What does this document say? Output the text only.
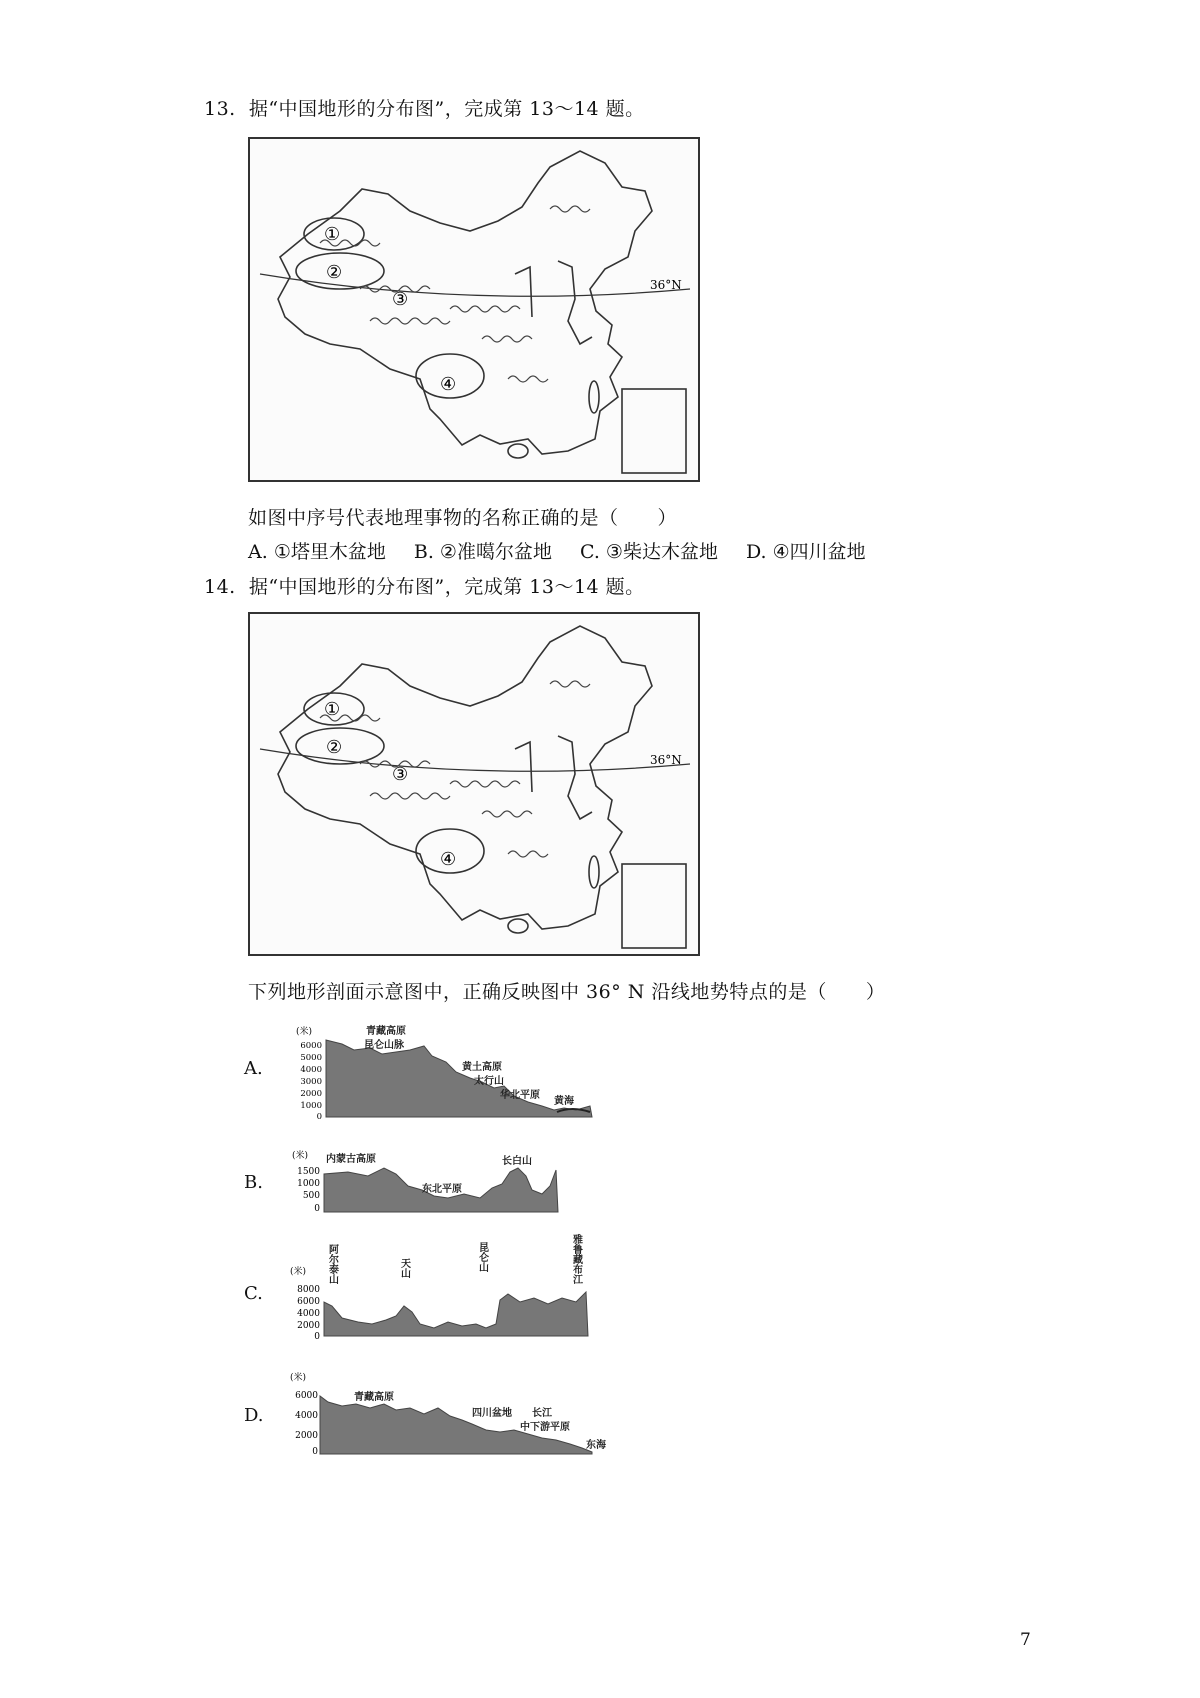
13. 据“中国地形的分布图”，完成第 13～14 题。
①
②
③
④
36°N
如图中序号代表地理事物的名称正确的是（　　）
A. ①塔里木盆地 B. ②准噶尔盆地 C. ③柴达木盆地 D. ④四川盆地
14. 据“中国地形的分布图”，完成第 13～14 题。
①
②
③
④
36°N
下列地形剖面示意图中，正确反映图中 36° N 沿线地势特点的是（　　）
A.
(米)
6000
5000
4000
3000
2000
1000
0
青藏高原
昆仑山脉
黄土高原
太行山
华北平原
黄海
B.
(米)
1500
1000
500
0
内蒙古高原
东北平原
长白山
C.
(米)
8000
6000
4000
2000
0
阿尔泰山	天山	昆仑山	雅鲁藏布江
D.
(米)
6000
4000
2000
0
青藏高原
四川盆地 长江
中下游平原
东海
7
